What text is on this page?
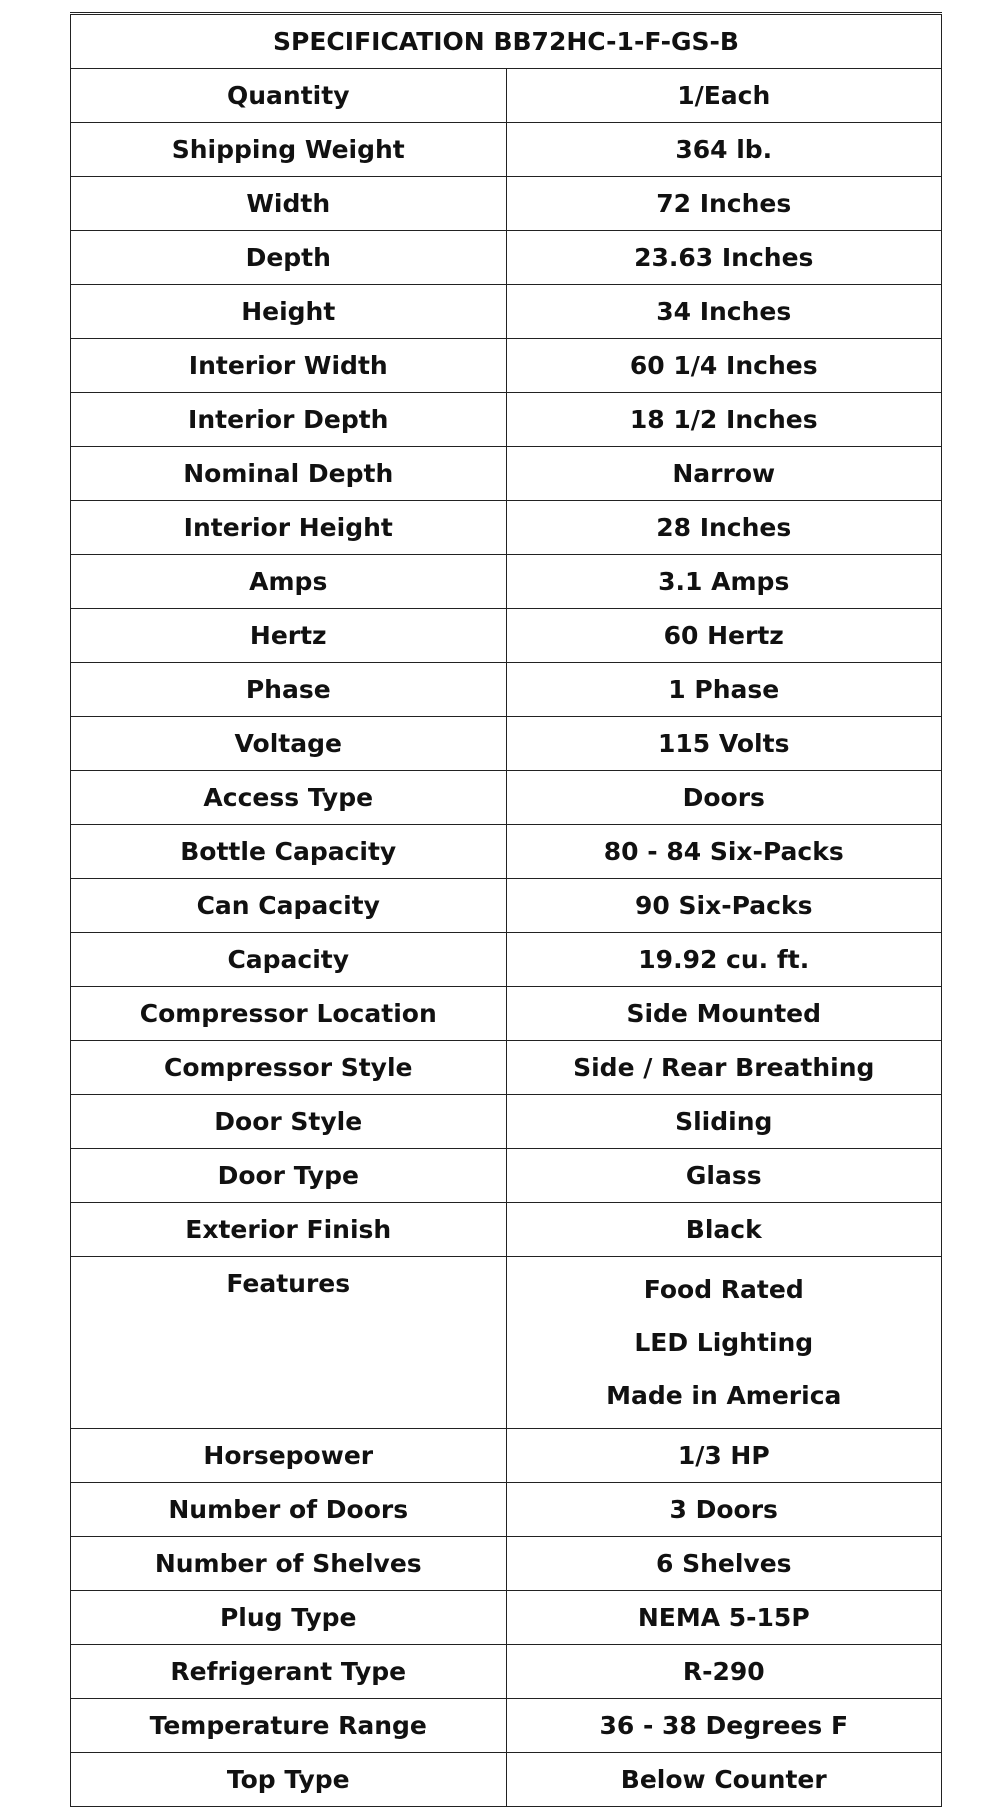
SPECIFICATION BB72HC-1-F-GS-B	
Quantity	1/Each
Shipping Weight	364 lb.
Width	72 Inches
Depth	23.63 Inches
Height	34 Inches
Interior Width	60 1/4 Inches
Interior Depth	18 1/2 Inches
Nominal Depth	Narrow
Interior Height	28 Inches
Amps	3.1 Amps
Hertz	60 Hertz
Phase	1 Phase
Voltage	115 Volts
Access Type	Doors
Bottle Capacity	80 - 84 Six-Packs
Can Capacity	90 Six-Packs
Capacity	19.92 cu. ft.
Compressor Location	Side Mounted
Compressor Style	Side / Rear Breathing
Door Style	Sliding
Door Type	Glass
Exterior Finish	Black
Features	Food Rated
LED Lighting
Made in America

Horsepower	1/3 HP
Number of Doors	3 Doors
Number of Shelves	6 Shelves
Plug Type	NEMA 5-15P
Refrigerant Type	R-290
Temperature Range	36 - 38 Degrees F
Top Type	Below Counter
